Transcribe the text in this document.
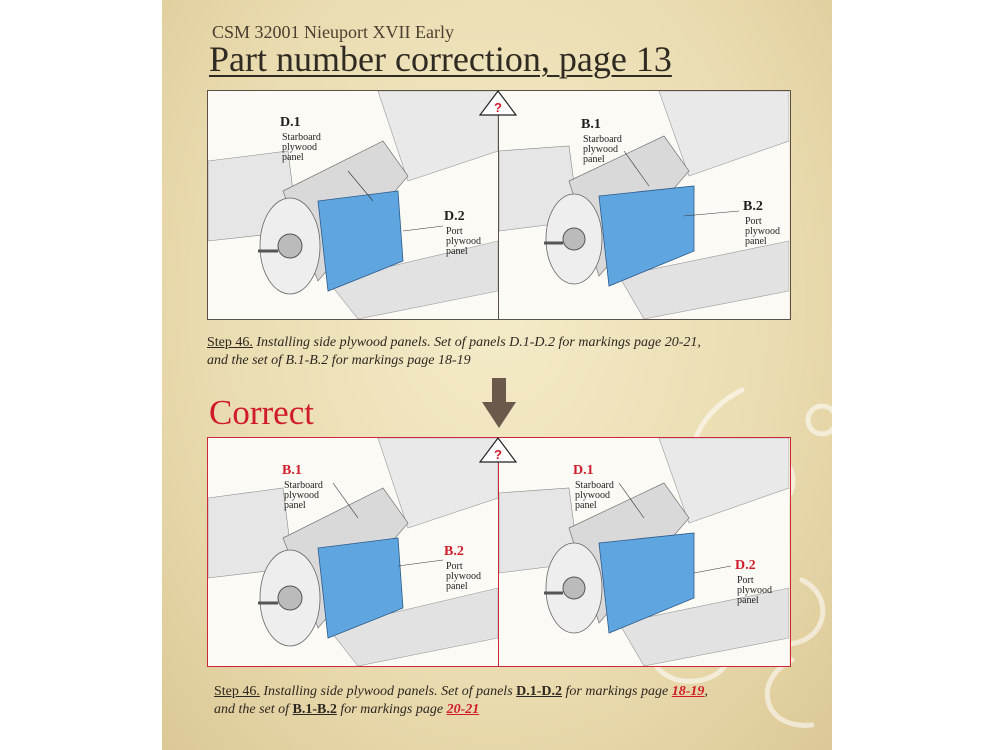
CSM 32001 Nieuport XVII Early
Part number correction, page 13
D.1
Starboard
plywood
panel
D.2
Port
plywood
panel
B.1
Starboard
plywood
panel
B.2
Port
plywood
panel
?
Step 46. Installing side plywood panels. Set of panels D.1-D.2 for markings page 20-21,
and the set of B.1-B.2 for markings page 18-19
Correct
B.1
Starboard
plywood
panel
B.2
Port
plywood
panel
D.1
Starboard
plywood
panel
D.2
Port
plywood
panel
?
Step 46. Installing side plywood panels. Set of panels D.1-D.2 for markings page 18-19,
and the set of B.1-B.2 for markings page 20-21
